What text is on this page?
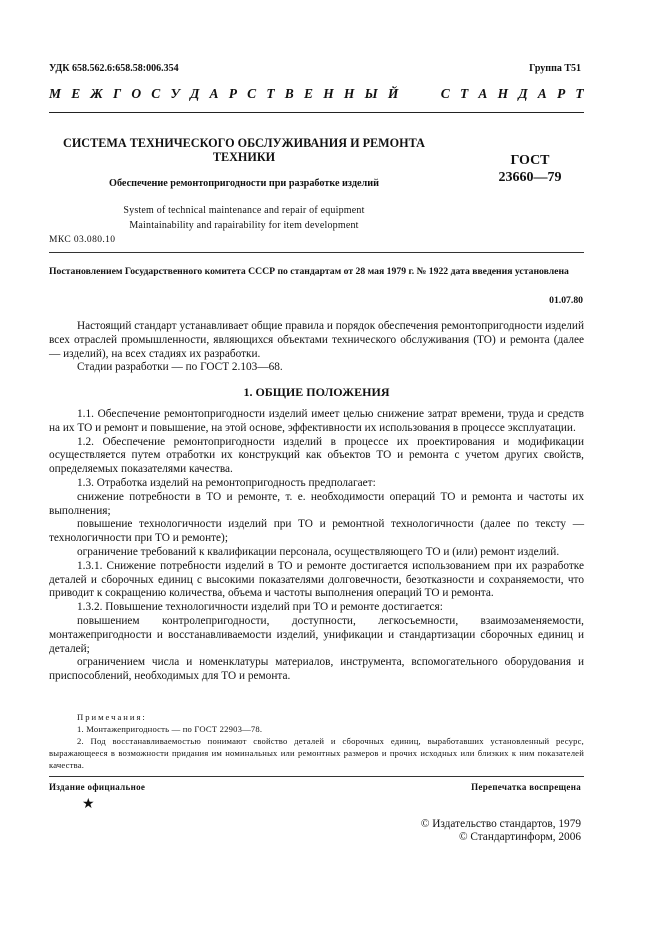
УДК 658.562.6:658.58:006.354	Группа Т51
М Е Ж Г О С У Д А Р С Т В Е Н Н Ы Й	С Т А Н Д А Р Т
СИСТЕМА ТЕХНИЧЕСКОГО ОБСЛУЖИВАНИЯ И РЕМОНТА
ТЕХНИКИ
Обеспечение ремонтопригодности при разработке изделий
System of technical maintenance and repair of equipment
Maintainability and rapairability for item development
ГОСТ
23660—79
МКС 03.080.10
Постановлением Государственного комитета СССР по стандартам от 28 мая 1979 г. № 1922 дата введения установлена
01.07.80

Настоящий стандарт устанавливает общие правила и порядок обеспечения ремонтопригодности изделий всех отраслей промышленности, являющихся объектами технического обслуживания (ТО) и ремонта (далее — изделий), на всех стадиях их разработки.

Стадии разработки — по ГОСТ 2.103—68.

1. ОБЩИЕ ПОЛОЖЕНИЯ

1.1. Обеспечение ремонтопригодности изделий имеет целью снижение затрат времени, труда и средств на их ТО и ремонт и повышение, на этой основе, эффективности их использования в процессе эксплуатации.

1.2. Обеспечение ремонтопригодности изделий в процессе их проектирования и модификации осуществляется путем отработки их конструкций как объектов ТО и ремонта с учетом других свойств, определяемых показателями качества.

1.3. Отработка изделий на ремонтопригодность предполагает:

снижение потребности в ТО и ремонте, т. е. необходимости операций ТО и ремонта и частоты их выполнения;

повышение технологичности изделий при ТО и ремонтной технологичности (далее по тексту — технологичности при ТО и ремонте);

ограничение требований к квалификации персонала, осуществляющего ТО и (или) ремонт изделий.

1.3.1. Снижение потребности изделий в ТО и ремонте достигается использованием при их разработке деталей и сборочных единиц с высокими показателями долговечности, безотказности и сохраняемости, что приводит к сокращению количества, объема и частоты выполнения операций ТО и ремонта.

1.3.2. Повышение технологичности изделий при ТО и ремонте достигается:

повышением контролепригодности, доступности, легкосъемности, взаимозаменяемости, монтажепригодности и восстанавливаемости изделий, унификации и стандартизации сборочных единиц и деталей;

ограничением числа и номенклатуры материалов, инструмента, вспомогательного оборудования и приспособлений, необходимых для ТО и ремонта.

Примечания:

1. Монтажепригодность — по ГОСТ 22903—78.

2. Под восстанавливаемостью понимают свойство деталей и сборочных единиц, выработавших установленный ресурс, выражающееся в возможности придания им номинальных или ремонтных размеров и прочих исходных или близких к ним показателей качества.

Издание официальное	Перепечатка воспрещена
★
© Издательство стандартов, 1979
© Стандартинформ, 2006
